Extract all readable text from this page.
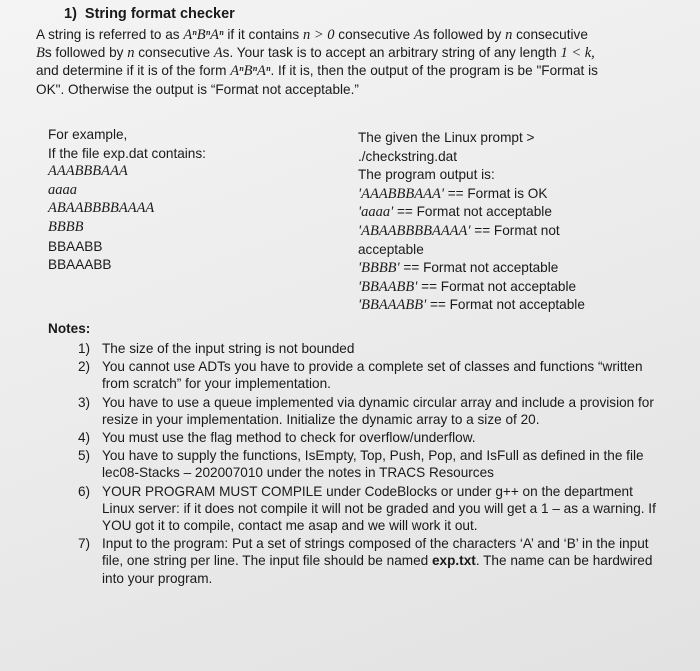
1) String format checker

A string is referred to as AⁿBⁿAⁿ if it contains n > 0 consecutive As followed by n consecutive

Bs followed by n consecutive As. Your task is to accept an arbitrary string of any length 1 < k,

and determine if it is of the form AⁿBⁿAⁿ. If it is, then the output of the program is be "Format is

OK". Otherwise the output is “Format not acceptable.”

For example,
If the file exp.dat contains:
AAABBBAAA
aaaa
ABAABBBBAAAA
BBBB
BBAABB
BBAAABB
The given the Linux prompt >
./checkstring.dat
The program output is:
'AAABBBAAA' == Format is OK
'aaaa' == Format not acceptable
'ABAABBBBAAAA' == Format not
acceptable
'BBBB' == Format not acceptable
'BBAABB' == Format not acceptable
'BBAAABB' == Format not acceptable
Notes:
1) The size of the input string is not bounded
2) You cannot use ADTs you have to provide a complete set of classes and functions “written from scratch” for your implementation.
3) You have to use a queue implemented via dynamic circular array and include a provision for resize in your implementation. Initialize the dynamic array to a size of 20.
4) You must use the flag method to check for overflow/underflow.
5) You have to supply the functions, IsEmpty, Top, Push, Pop, and IsFull as defined in the file lec08-Stacks – 202007010 under the notes in TRACS Resources
6) YOUR PROGRAM MUST COMPILE under CodeBlocks or under g++ on the department Linux server: if it does not compile it will not be graded and you will get a 1 – as a warning. If YOU got it to compile, contact me asap and we will work it out.
7) Input to the program: Put a set of strings composed of the characters ‘A’ and ‘B’ in the input file, one string per line. The input file should be named exp.txt. The name can be hardwired into your program.
